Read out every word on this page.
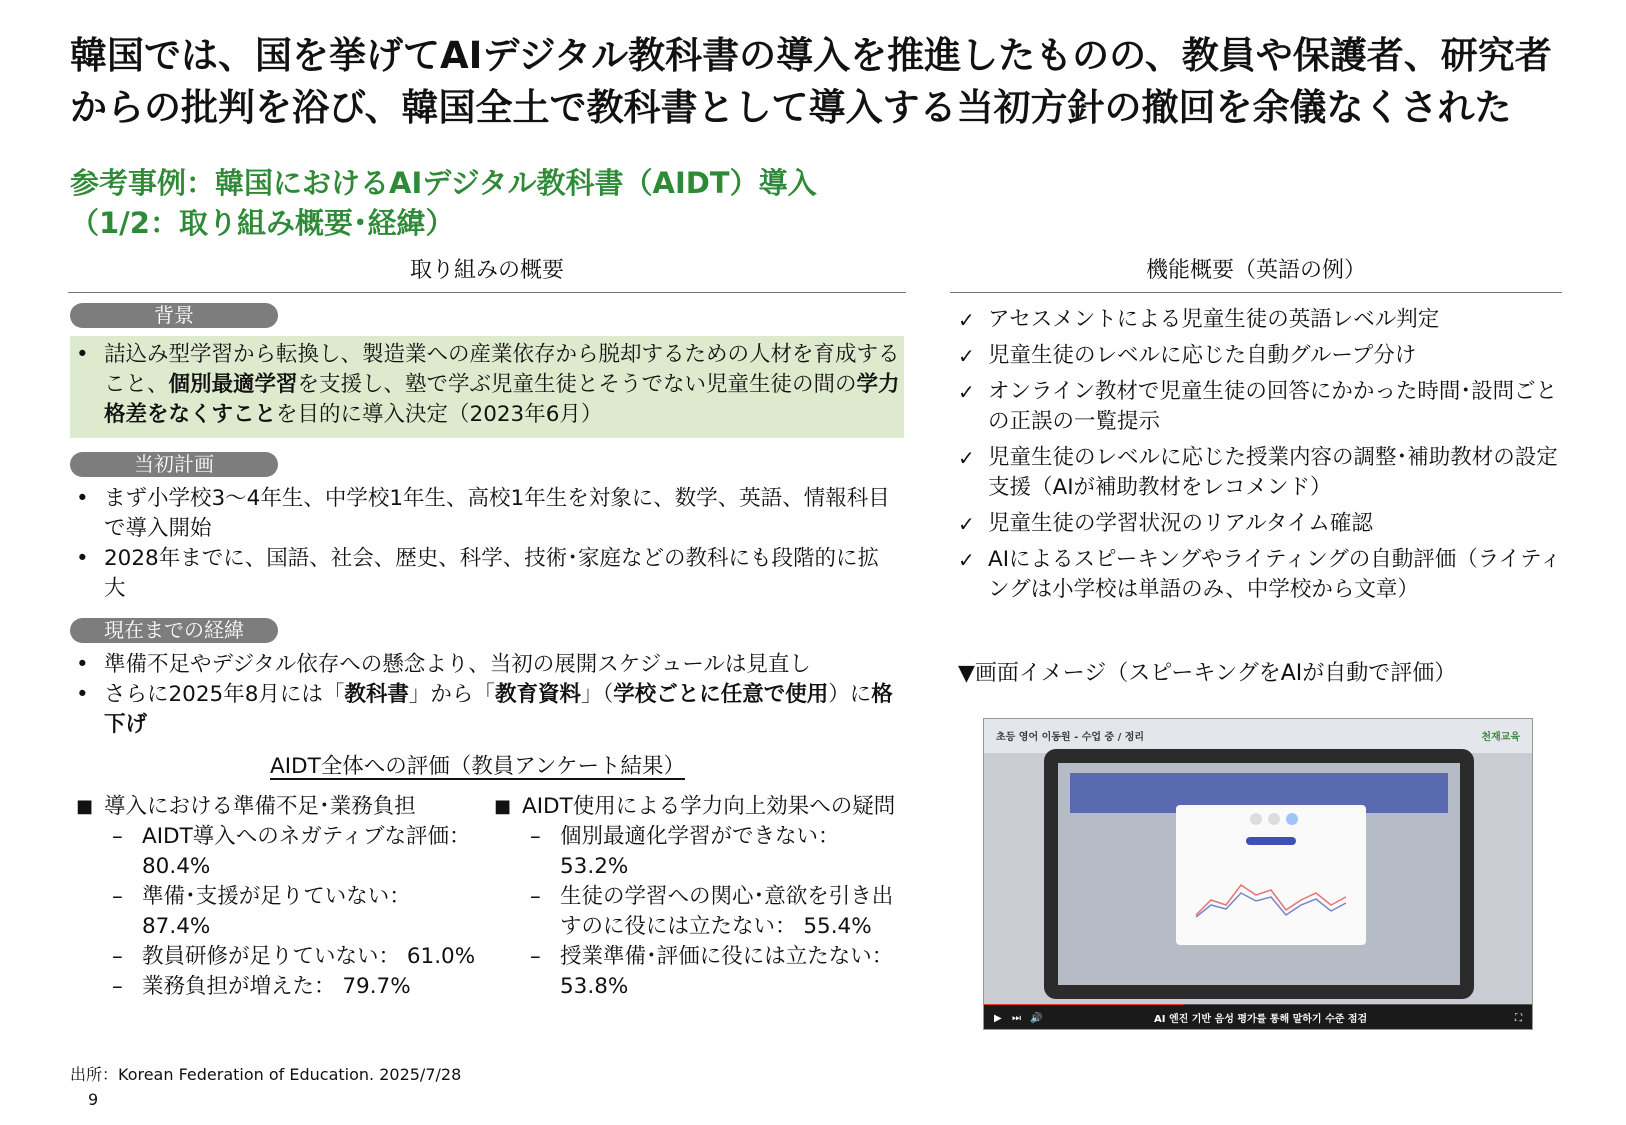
韓国では、国を挙げてAIデジタル教科書の導入を推進したものの、教員や保護者、研究者
からの批判を浴び、韓国全土で教科書として導入する当初方針の撤回を余儀なくされた
参考事例：韓国におけるAIデジタル教科書（AIDT）導入
（1/2：取り組み概要･経緯）
取り組みの概要	機能概要（英語の例）
背景
• 詰込み型学習から転換し、製造業への産業依存から脱却するための人材を育成すること、個別最適学習を支援し、塾で学ぶ児童生徒とそうでない児童生徒の間の学力格差をなくすことを目的に導入決定（2023年6月）
当初計画
• まず小学校3～4年生、中学校1年生、高校1年生を対象に、数学、英語、情報科目で導入開始
• 2028年までに、国語、社会、歴史、科学、技術･家庭などの教科にも段階的に拡大
現在までの経緯
• 準備不足やデジタル依存への懸念より、当初の展開スケジュールは見直し
• さらに2025年8月には「教科書」から「教育資料」（学校ごとに任意で使用）に格下げ
AIDT全体への評価（教員アンケート結果）
■ 導入における準備不足･業務負担
– AIDT導入へのネガティブな評価：
80.4%
– 準備･支援が足りていない：
87.4%
– 教員研修が足りていない： 61.0%
– 業務負担が増えた： 79.7%
■ AIDT使用による学力向上効果への疑問
– 個別最適化学習ができない：
53.2%
– 生徒の学習への関心･意欲を引き出すのに役には立たない： 55.4%
– 授業準備･評価に役には立たない： 53.8%
✓ アセスメントによる児童生徒の英語レベル判定
✓ 児童生徒のレベルに応じた自動グループ分け
✓ オンライン教材で児童生徒の回答にかかった時間･設問ごとの正誤の一覧提示
✓ 児童生徒のレベルに応じた授業内容の調整･補助教材の設定支援（AIが補助教材をレコメンド）
✓ 児童生徒の学習状況のリアルタイム確認
✓ AIによるスピーキングやライティングの自動評価（ライティングは小学校は単語のみ、中学校から文章）
▼画面イメージ（スピーキングをAIが自動で評価）
초등 영어 이동원 - 수업 중 / 정리	천재교육
▶ ⏭ 🔊	AI 엔진 기반 음성 평가를 통해 말하기 수준 점검	⛶
出所：Korean Federation of Education. 2025/7/28
9
